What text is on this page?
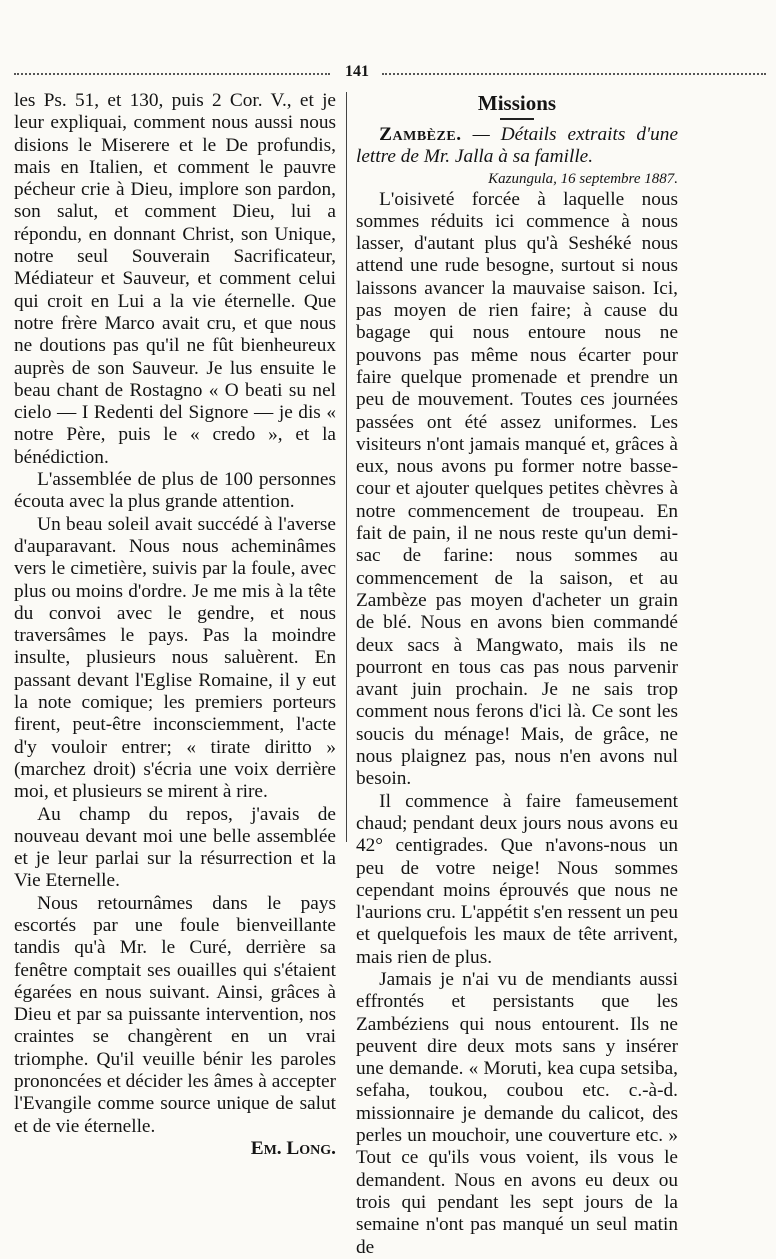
141

les Ps. 51, et 130, puis 2 Cor. V., et je leur expliquai, comment nous aussi nous disions le Miserere et le De profundis, mais en Italien, et comment le pauvre pécheur crie à Dieu, implore son pardon, son salut, et comment Dieu, lui a répondu, en donnant Christ, son Unique, notre seul Souverain Sacrificateur, Médiateur et Sauveur, et comment celui qui croit en Lui a la vie éternelle. Que notre frère Marco avait cru, et que nous ne doutions pas qu'il ne fût bienheureux auprès de son Sauveur. Je lus ensuite le beau chant de Rostagno « O beati su nel cielo — I Redenti del Signore — je dis « notre Père, puis le « credo », et la bénédiction.

L'assemblée de plus de 100 personnes écouta avec la plus grande attention.

Un beau soleil avait succédé à l'averse d'auparavant. Nous nous acheminâmes vers le cimetière, suivis par la foule, avec plus ou moins d'ordre. Je me mis à la tête du convoi avec le gendre, et nous traversâmes le pays. Pas la moindre insulte, plusieurs nous saluèrent. En passant devant l'Eglise Romaine, il y eut la note comique; les premiers porteurs firent, peut-être inconsciemment, l'acte d'y vouloir entrer; « tirate diritto » (marchez droit) s'écria une voix derrière moi, et plusieurs se mirent à rire.

Au champ du repos, j'avais de nouveau devant moi une belle assemblée et je leur parlai sur la résurrection et la Vie Eternelle.

Nous retournâmes dans le pays escortés par une foule bienveillante tandis qu'à Mr. le Curé, derrière sa fenêtre comptait ses ouailles qui s'étaient égarées en nous suivant. Ainsi, grâces à Dieu et par sa puissante intervention, nos craintes se changèrent en un vrai triomphe. Qu'il veuille bénir les paroles prononcées et décider les âmes à accepter l'Evangile comme source unique de salut et de vie éternelle.

Em. Long.

Missions

Zambèze. — Détails extraits d'une lettre de Mr. Jalla à sa famille.

Kazungula, 16 septembre 1887.

L'oisiveté forcée à laquelle nous sommes réduits ici commence à nous lasser, d'autant plus qu'à Seshéké nous attend une rude besogne, surtout si nous laissons avancer la mauvaise saison. Ici, pas moyen de rien faire; à cause du bagage qui nous entoure nous ne pouvons pas même nous écarter pour faire quelque promenade et prendre un peu de mouvement. Toutes ces journées passées ont été assez uniformes. Les visiteurs n'ont jamais manqué et, grâces à eux, nous avons pu former notre basse-cour et ajouter quelques petites chèvres à notre commencement de troupeau. En fait de pain, il ne nous reste qu'un demi-sac de farine: nous sommes au commencement de la saison, et au Zambèze pas moyen d'acheter un grain de blé. Nous en avons bien commandé deux sacs à Mangwato, mais ils ne pourront en tous cas pas nous parvenir avant juin prochain. Je ne sais trop comment nous ferons d'ici là. Ce sont les soucis du ménage! Mais, de grâce, ne nous plaignez pas, nous n'en avons nul besoin.

Il commence à faire fameusement chaud; pendant deux jours nous avons eu 42° centigrades. Que n'avons-nous un peu de votre neige! Nous sommes cependant moins éprouvés que nous ne l'aurions cru. L'appétit s'en ressent un peu et quelquefois les maux de tête arrivent, mais rien de plus.

Jamais je n'ai vu de mendiants aussi effrontés et persistants que les Zambéziens qui nous entourent. Ils ne peuvent dire deux mots sans y insérer une demande. « Moruti, kea cupa setsiba, sefaha, toukou, coubou etc. c.-à-d. missionnaire je demande du calicot, des perles un mouchoir, une couverture etc. » Tout ce qu'ils vous voient, ils vous le demandent. Nous en avons eu deux ou trois qui pendant les sept jours de la semaine n'ont pas manqué un seul matin de
